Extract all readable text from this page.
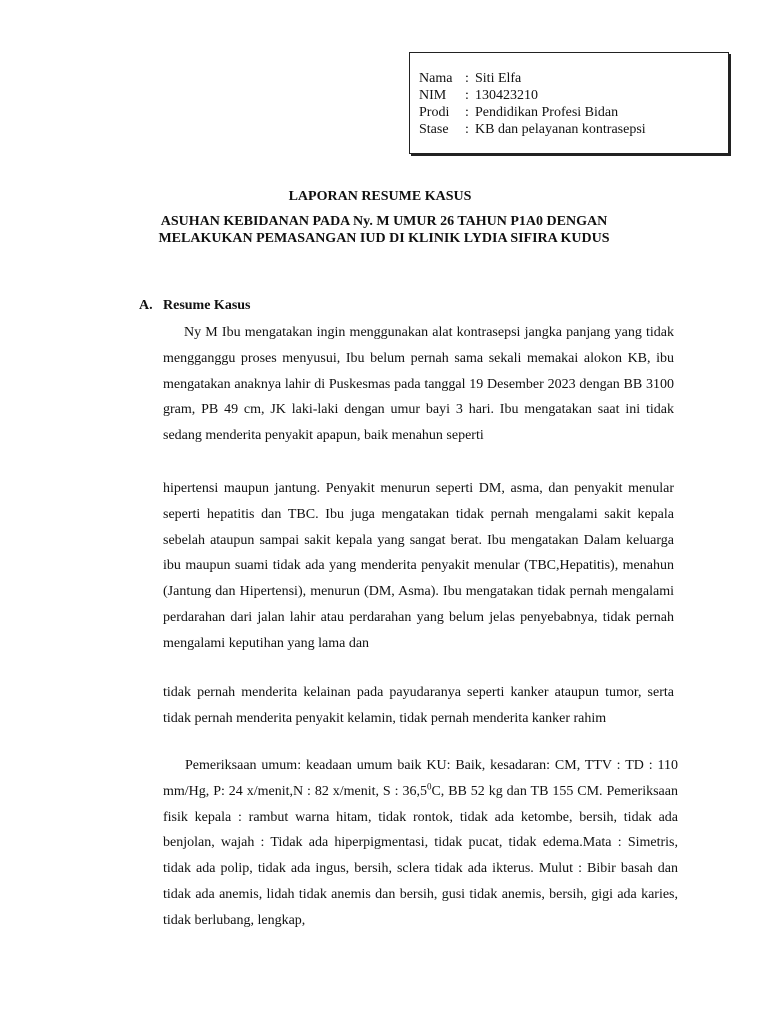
Nama : Siti Elfa
NIM	: 130423210
Prodi	: Pendidikan Profesi Bidan
Stase	: KB dan pelayanan kontrasepsi
LAPORAN RESUME KASUS
ASUHAN KEBIDANAN PADA Ny. M UMUR 26 TAHUN P1A0 DENGAN
MELAKUKAN PEMASANGAN IUD DI KLINIK LYDIA SIFIRA KUDUS
A. Resume Kasus
Ny M Ibu mengatakan ingin menggunakan alat kontrasepsi jangka panjang yang tidak mengganggu proses menyusui, Ibu belum pernah sama sekali memakai alokon KB, ibu mengatakan anaknya lahir di Puskesmas pada tanggal 19 Desember 2023 dengan BB 3100 gram, PB 49 cm, JK laki-laki dengan umur bayi 3 hari. Ibu mengatakan saat ini tidak sedang menderita penyakit apapun, baik menahun seperti
hipertensi maupun jantung. Penyakit menurun seperti DM, asma, dan penyakit menular seperti hepatitis dan TBC. Ibu juga mengatakan tidak pernah mengalami sakit kepala sebelah ataupun sampai sakit kepala yang sangat berat. Ibu mengatakan Dalam keluarga ibu maupun suami tidak ada yang menderita penyakit menular (TBC,Hepatitis), menahun (Jantung dan Hipertensi), menurun (DM, Asma). Ibu mengatakan tidak pernah mengalami perdarahan dari jalan lahir atau perdarahan yang belum jelas penyebabnya, tidak pernah mengalami keputihan yang lama dan
tidak pernah menderita kelainan pada payudaranya seperti kanker ataupun tumor, serta tidak pernah menderita penyakit kelamin, tidak pernah menderita kanker rahim
Pemeriksaan umum: keadaan umum baik KU: Baik, kesadaran: CM, TTV : TD : 110 mm/Hg, P: 24 x/menit,N : 82 x/menit, S : 36,5$^0$C, BB 52 kg dan TB 155 CM. Pemeriksaan fisik kepala : rambut warna hitam, tidak rontok, tidak ada ketombe, bersih, tidak ada benjolan, wajah : Tidak ada hiperpigmentasi, tidak pucat, tidak edema.Mata : Simetris, tidak ada polip, tidak ada ingus, bersih, sclera tidak ada ikterus. Mulut : Bibir basah dan tidak ada anemis, lidah tidak anemis dan bersih, gusi tidak anemis, bersih, gigi ada karies, tidak berlubang, lengkap,
